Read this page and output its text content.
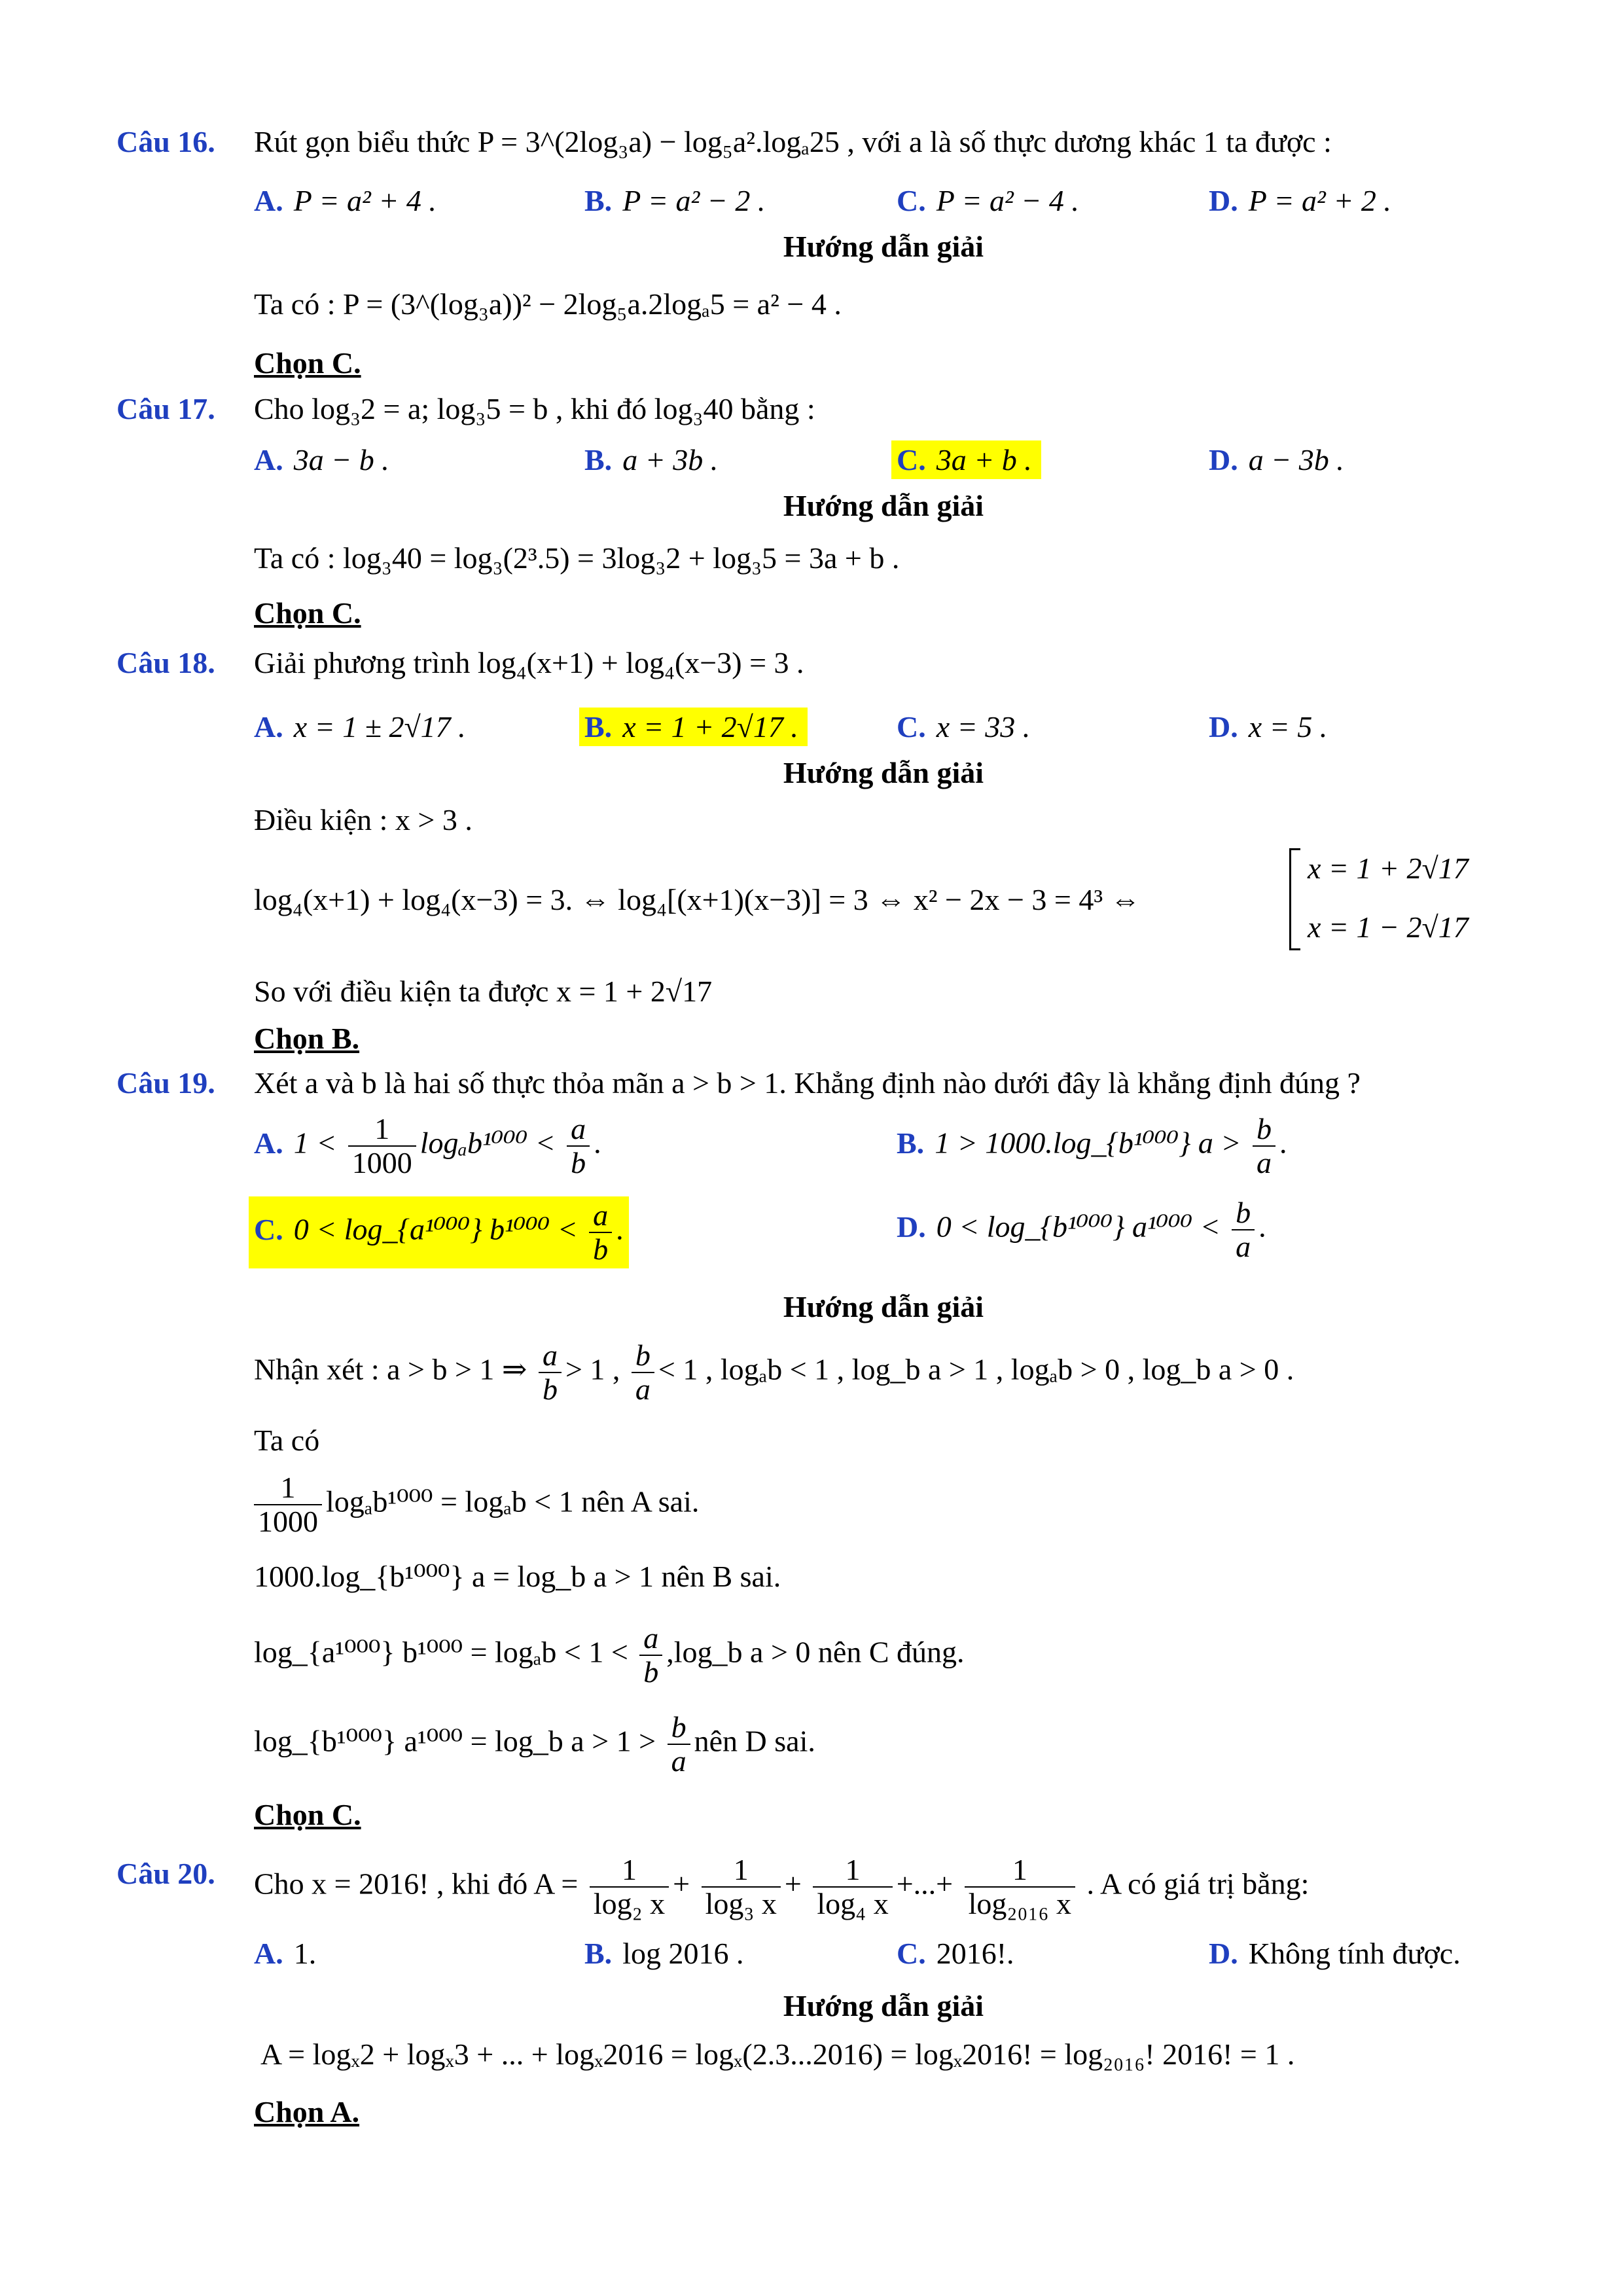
Câu 16. Rút gọn biểu thức P = 3^(2log₃a) − log₅a².logₐ25 , với a là số thực dương khác 1 ta được :
A. P = a² + 4 .	B. P = a² − 2 .	C. P = a² − 4 .	D. P = a² + 2 .
Hướng dẫn giải
Ta có : P = (3^(log₃a))² − 2log₅a.2logₐ5 = a² − 4 .
Chọn C.
Câu 17. Cho log₃2 = a; log₃5 = b , khi đó log₃40 bằng :
A. 3a − b .	B. a + 3b .	C. 3a + b .	D. a − 3b .
Hướng dẫn giải
Ta có : log₃40 = log₃(2³.5) = 3log₃2 + log₃5 = 3a + b .
Chọn C.
Câu 18. Giải phương trình log₄(x+1) + log₄(x−3) = 3 .
A. x = 1 ± 2√17 .	B. x = 1 + 2√17 .	C. x = 33 .	D. x = 5 .
Hướng dẫn giải
Điều kiện : x > 3 .
log₄(x+1) + log₄(x−3) = 3. ⇔ log₄[(x+1)(x−3)] = 3 ⇔ x² − 2x − 3 = 4³ ⇔
x = 1 + 2√17
x = 1 − 2√17
So với điều kiện ta được x = 1 + 2√17
Chọn B.
Câu 19. Xét a và b là hai số thực thỏa mãn a > b > 1. Khẳng định nào dưới đây là khẳng định đúng ?
A. $1 < \frac{1}{1000} \log_ab^{1000} < \frac{a}{b}$ .	B. 1 > 1000.log_{b¹⁰⁰⁰} $a > \frac{b}{a}$ .
C. 0 < log_{a¹⁰⁰⁰} $b^{1000} < \frac{a}{b}$ .	D. 0 < log_{b¹⁰⁰⁰} $a^{1000} < \frac{b}{a}$ .
Hướng dẫn giải
Nhận xét : a > b > 1 ⇒ $\frac{a}{b} > 1$ , $\frac{b}{a} < 1$ , logₐb < 1 , log_b a > 1 , logₐb > 0 , log_b a > 0 .
Ta có
$\frac{1}{1000} \log_ab^{1000} = \log_ab < 1$ nên A sai.
1000.log_{b¹⁰⁰⁰} a = log_b a > 1 nên B sai.
log_{a¹⁰⁰⁰} $b^{1000} = \log_ab < 1 < \frac{a}{b}$ ,log_b a > 0 nên C đúng.
log_{b¹⁰⁰⁰} a¹⁰⁰⁰ = log_b $a > 1 > \frac{b}{a}$ nên D sai.
Chọn C.
Câu 20. Cho x = 2016! , khi đó $A = \frac{1}{\text{log₂ x}} + \frac{1}{\text{log₃ x}} + \frac{1}{\text{log₄ x}}$ +...+ $\frac{1}{\text{log₂₀₁₆ x}}$ . A có giá trị bằng:
A. 1.	B. log 2016 .	C. 2016!.	D. Không tính được.
Hướng dẫn giải
A = logₓ2 + logₓ3 + ... + logₓ2016 = logₓ(2.3...2016) = logₓ2016! = log₂₀₁₆! 2016! = 1 .
Chọn A.
